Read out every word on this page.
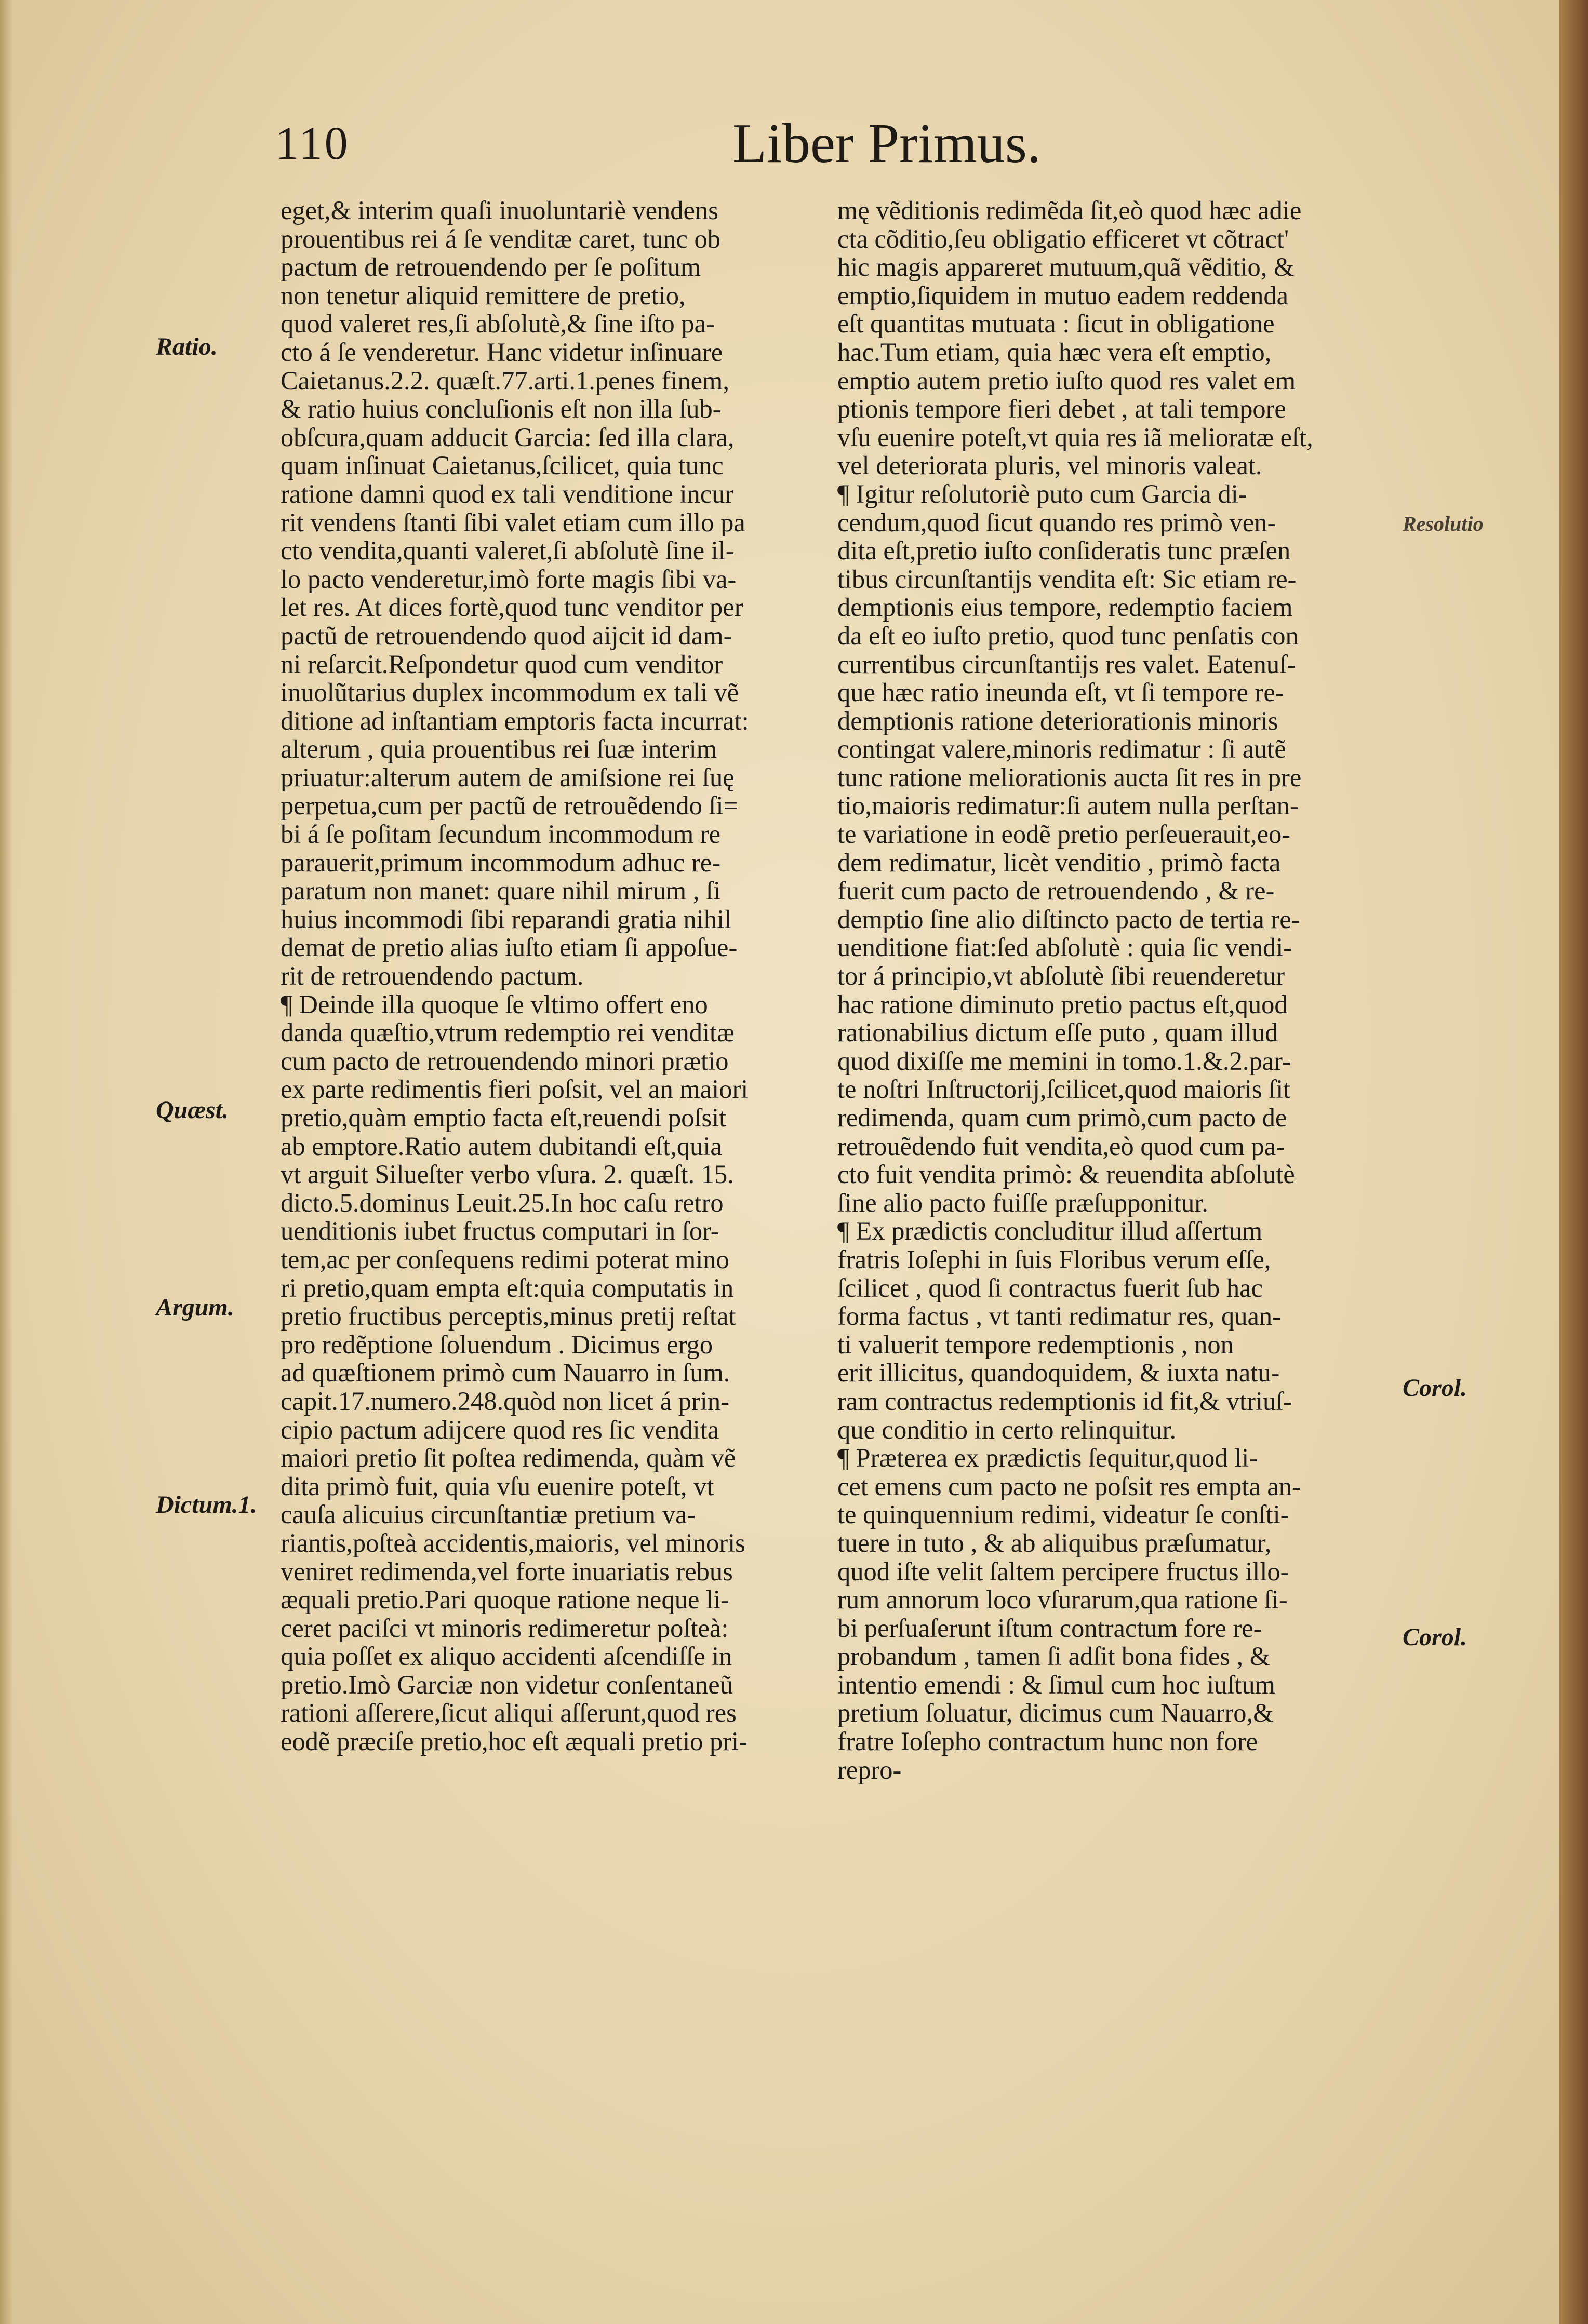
110	Liber Primus.
eget,& interim quaſi inuoluntariè vendens
prouentibus rei á ſe venditæ caret, tunc ob
pactum de retrouendendo per ſe poſitum
non tenetur aliquid remittere de pretio,
quod valeret res,ſi abſolutè,& ſine iſto pa-
cto á ſe venderetur. Hanc videtur inſinuare
Caietanus.2.2. quæſt.77.arti.1.penes finem,
& ratio huius concluſionis eſt non illa ſub-
obſcura,quam adducit Garcia: ſed illa clara,
quam inſinuat Caietanus,ſcilicet, quia tunc
ratione damni quod ex tali venditione incur
rit vendens ſtanti ſibi valet etiam cum illo pa
cto vendita,quanti valeret,ſi abſolutè ſine il-
lo pacto venderetur,imò forte magis ſibi va-
let res. At dices fortè,quod tunc venditor per
pactũ de retrouendendo quod aijcit id dam-
ni reſarcit.Reſpondetur quod cum venditor
inuolũtarius duplex incommodum ex tali vẽ
ditione ad inſtantiam emptoris facta incurrat:
alterum , quia prouentibus rei ſuæ interim
priuatur:alterum autem de amiſsione rei ſuę
perpetua,cum per pactũ de retrouẽdendo ſi=
bi á ſe poſitam ſecundum incommodum re
parauerit,primum incommodum adhuc re-
paratum non manet: quare nihil mirum , ſi
huius incommodi ſibi reparandi gratia nihil
demat de pretio alias iuſto etiam ſi appoſue-
rit de retrouendendo pactum.
¶ Deinde illa quoque ſe vltimo offert eno
danda quæſtio,vtrum redemptio rei venditæ
cum pacto de retrouendendo minori prætio
ex parte redimentis fieri poſsit, vel an maiori
pretio,quàm emptio facta eſt,reuendi poſsit
ab emptore.Ratio autem dubitandi eſt,quia
vt arguit Silueſter verbo vſura. 2. quæſt. 15.
dicto.5.dominus Leuit.25.In hoc caſu retro
uenditionis iubet fructus computari in ſor-
tem,ac per conſequens redimi poterat mino
ri pretio,quam empta eſt:quia computatis in
pretio fructibus perceptis,minus pretij reſtat
pro redẽptione ſoluendum . Dicimus ergo
ad quæſtionem primò cum Nauarro in ſum.
capit.17.numero.248.quòd non licet á prin-
cipio pactum adijcere quod res ſic vendita
maiori pretio ſit poſtea redimenda, quàm vẽ
dita primò fuit, quia vſu euenire poteſt, vt
cauſa alicuius circunſtantiæ pretium va-
riantis,poſteà accidentis,maioris, vel minoris
veniret redimenda,vel forte inuariatis rebus
æquali pretio.Pari quoque ratione neque li-
ceret paciſci vt minoris redimeretur poſteà:
quia poſſet ex aliquo accidenti aſcendiſſe in
pretio.Imò Garciæ non videtur conſentaneũ
rationi aſſerere,ſicut aliqui aſſerunt,quod res
eodẽ præciſe pretio,hoc eſt æquali pretio pri-
mę vẽditionis redimẽda ſit,eò quod hæc adie
cta cõditio,ſeu obligatio efficeret vt cõtract'
hic magis appareret mutuum,quã vẽditio, &
emptio,ſiquidem in mutuo eadem reddenda
eſt quantitas mutuata : ſicut in obligatione
hac.Tum etiam, quia hæc vera eſt emptio,
emptio autem pretio iuſto quod res valet em
ptionis tempore fieri debet , at tali tempore
vſu euenire poteſt,vt quia res iã melioratæ eſt,
vel deteriorata pluris, vel minoris valeat.
¶ Igitur reſolutoriè puto cum Garcia di-
cendum,quod ſicut quando res primò ven-
dita eſt,pretio iuſto conſideratis tunc præſen
tibus circunſtantijs vendita eſt: Sic etiam re-
demptionis eius tempore, redemptio faciem
da eſt eo iuſto pretio, quod tunc penſatis con
currentibus circunſtantijs res valet. Eatenuſ-
que hæc ratio ineunda eſt, vt ſi tempore re-
demptionis ratione deteriorationis minoris
contingat valere,minoris redimatur : ſi autẽ
tunc ratione meliorationis aucta ſit res in pre
tio,maioris redimatur:ſi autem nulla perſtan-
te variatione in eodẽ pretio perſeuerauit,eo-
dem redimatur, licèt venditio , primò facta
fuerit cum pacto de retrouendendo , & re-
demptio ſine alio diſtincto pacto de tertia re-
uenditione fiat:ſed abſolutè : quia ſic vendi-
tor á principio,vt abſolutè ſibi reuenderetur
hac ratione diminuto pretio pactus eſt,quod
rationabilius dictum eſſe puto , quam illud
quod dixiſſe me memini in tomo.1.&.2.par-
te noſtri Inſtructorij,ſcilicet,quod maioris ſit
redimenda, quam cum primò,cum pacto de
retrouẽdendo fuit vendita,eò quod cum pa-
cto fuit vendita primò: & reuendita abſolutè
ſine alio pacto fuiſſe præſupponitur.
¶ Ex prædictis concluditur illud aſſertum
fratris Ioſephi in ſuis Floribus verum eſſe,
ſcilicet , quod ſi contractus fuerit ſub hac
forma factus , vt tanti redimatur res, quan-
ti valuerit tempore redemptionis , non
erit illicitus, quandoquidem, & iuxta natu-
ram contractus redemptionis id fit,& vtriuſ-
que conditio in certo relinquitur.
¶ Præterea ex prædictis ſequitur,quod li-
cet emens cum pacto ne poſsit res empta an-
te quinquennium redimi, videatur ſe conſti-
tuere in tuto , & ab aliquibus præſumatur,
quod iſte velit ſaltem percipere fructus illo-
rum annorum loco vſurarum,qua ratione ſi-
bi perſuaſerunt iſtum contractum fore re-
probandum , tamen ſi adſit bona fides , &
intentio emendi : & ſimul cum hoc iuſtum
pretium ſoluatur, dicimus cum Nauarro,&
fratre Ioſepho contractum hunc non fore
repro-
Ratio.
Quæst.
Argum.
Dictum.1.
Resolutio
Corol.
Corol.
